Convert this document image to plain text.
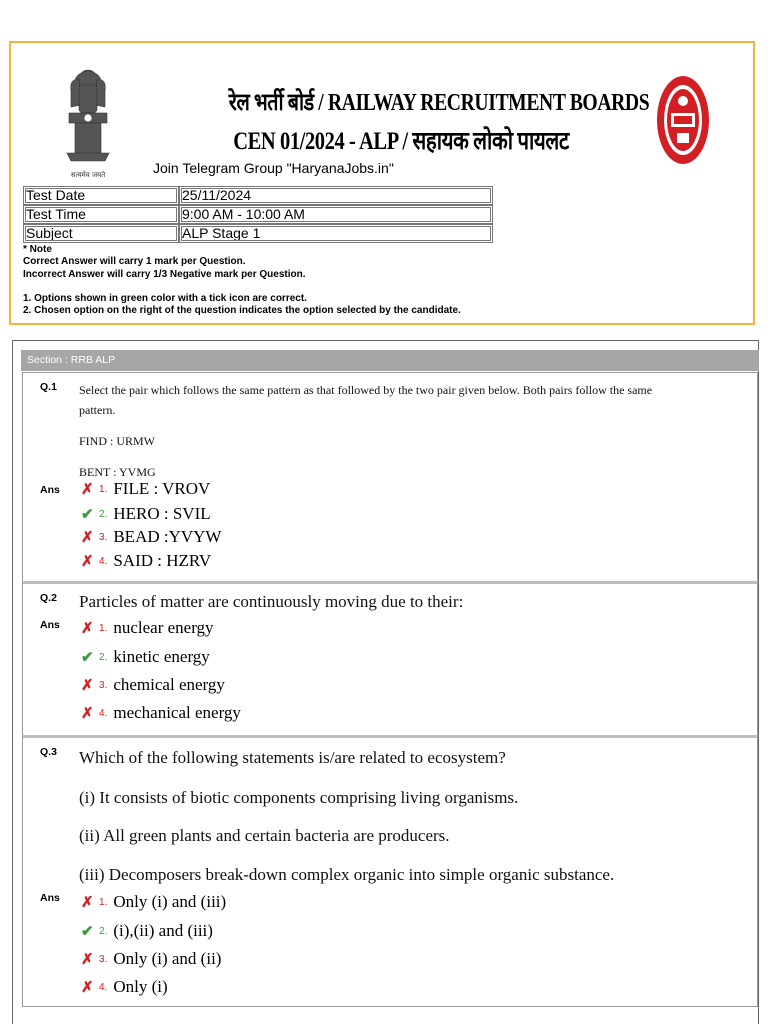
सत्यमेव जयते
रेल भर्ती बोर्ड / RAILWAY RECRUITMENT BOARDS
CEN 01/2024 - ALP / सहायक लोको पायलट
Join Telegram Group "HaryanaJobs.in"
Test Date	25/11/2024
Test Time	9:00 AM - 10:00 AM
Subject	ALP Stage 1
* Note
Correct Answer will carry 1 mark per Question.
Incorrect Answer will carry 1/3 Negative mark per Question.
1. Options shown in green color with a tick icon are correct.
2. Chosen option on the right of the question indicates the option selected by the candidate.
Section : RRB ALP
Q.1 Select the pair which follows the same pattern as that followed by the two pair given below. Both pairs follow the same
pattern.
FIND : URMW
BENT : YVMG
Ans ✗ 1. FILE : VROV
✔ 2. HERO : SVIL
✗ 3. BEAD :YVYW
✗ 4. SAID : HZRV
Q.2 Particles of matter are continuously moving due to their:
Ans ✗ 1. nuclear energy
✔ 2. kinetic energy
✗ 3. chemical energy
✗ 4. mechanical energy
Q.3 Which of the following statements is/are related to ecosystem?
(i) It consists of biotic components comprising living organisms.
(ii) All green plants and certain bacteria are producers.
(iii) Decomposers break-down complex organic into simple organic substance.
Ans ✗ 1. Only (i) and (iii)
✔ 2. (i),(ii) and (iii)
✗ 3. Only (i) and (ii)
✗ 4. Only (i)
